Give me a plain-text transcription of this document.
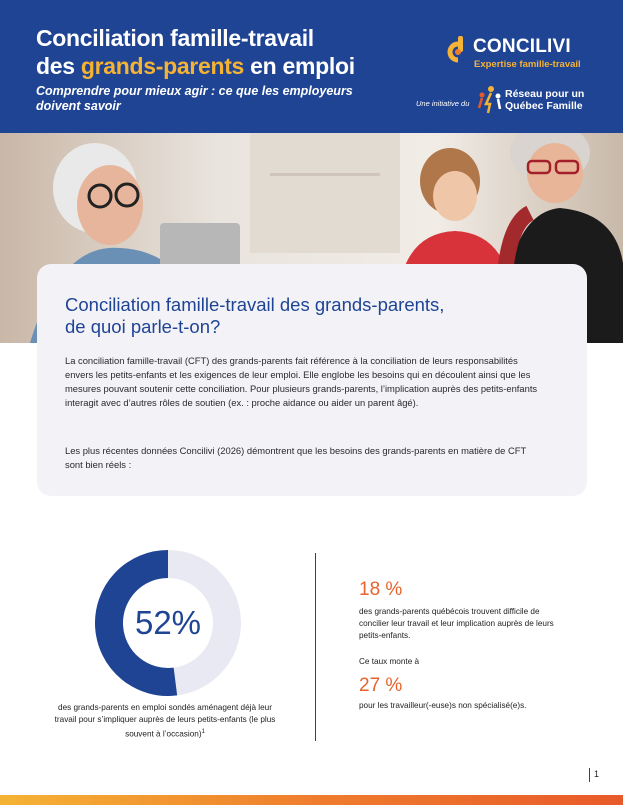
Conciliation famille-travail
des grands-parents en emploi

Comprendre pour mieux agir : ce que les employeurs doivent savoir

CONCILIVI
Expertise famille-travail
Une initiative du
Réseau pour un
Québec Famille
Conciliation famille-travail des grands-parents,
de quoi parle-t-on?

La conciliation famille-travail (CFT) des grands-parents fait référence à la conciliation de leurs responsabilités envers les petits-enfants et les exigences de leur emploi. Elle englobe les besoins qui en découlent ainsi que les mesures pouvant soutenir cette conciliation. Pour plusieurs grands-parents, l’implication auprès des petits-enfants interagit avec d’autres rôles de soutien (ex. : proche aidance ou aider un parent âgé).

Les plus récentes données Concilivi (2026) démontrent que les besoins des grands-parents en matière de CFT sont bien réels :

52%

des grands-parents en emploi sondés aménagent déjà leur travail pour s’impliquer auprès de leurs petits-enfants (le plus souvent à l’occasion)$^1$

18 %

des grands-parents québécois trouvent difficile de concilier leur travail et leur implication auprès de leurs petits-enfants.

Ce taux monte à

27 %

pour les travailleur(-euse)s non spécialisé(e)s.

1
